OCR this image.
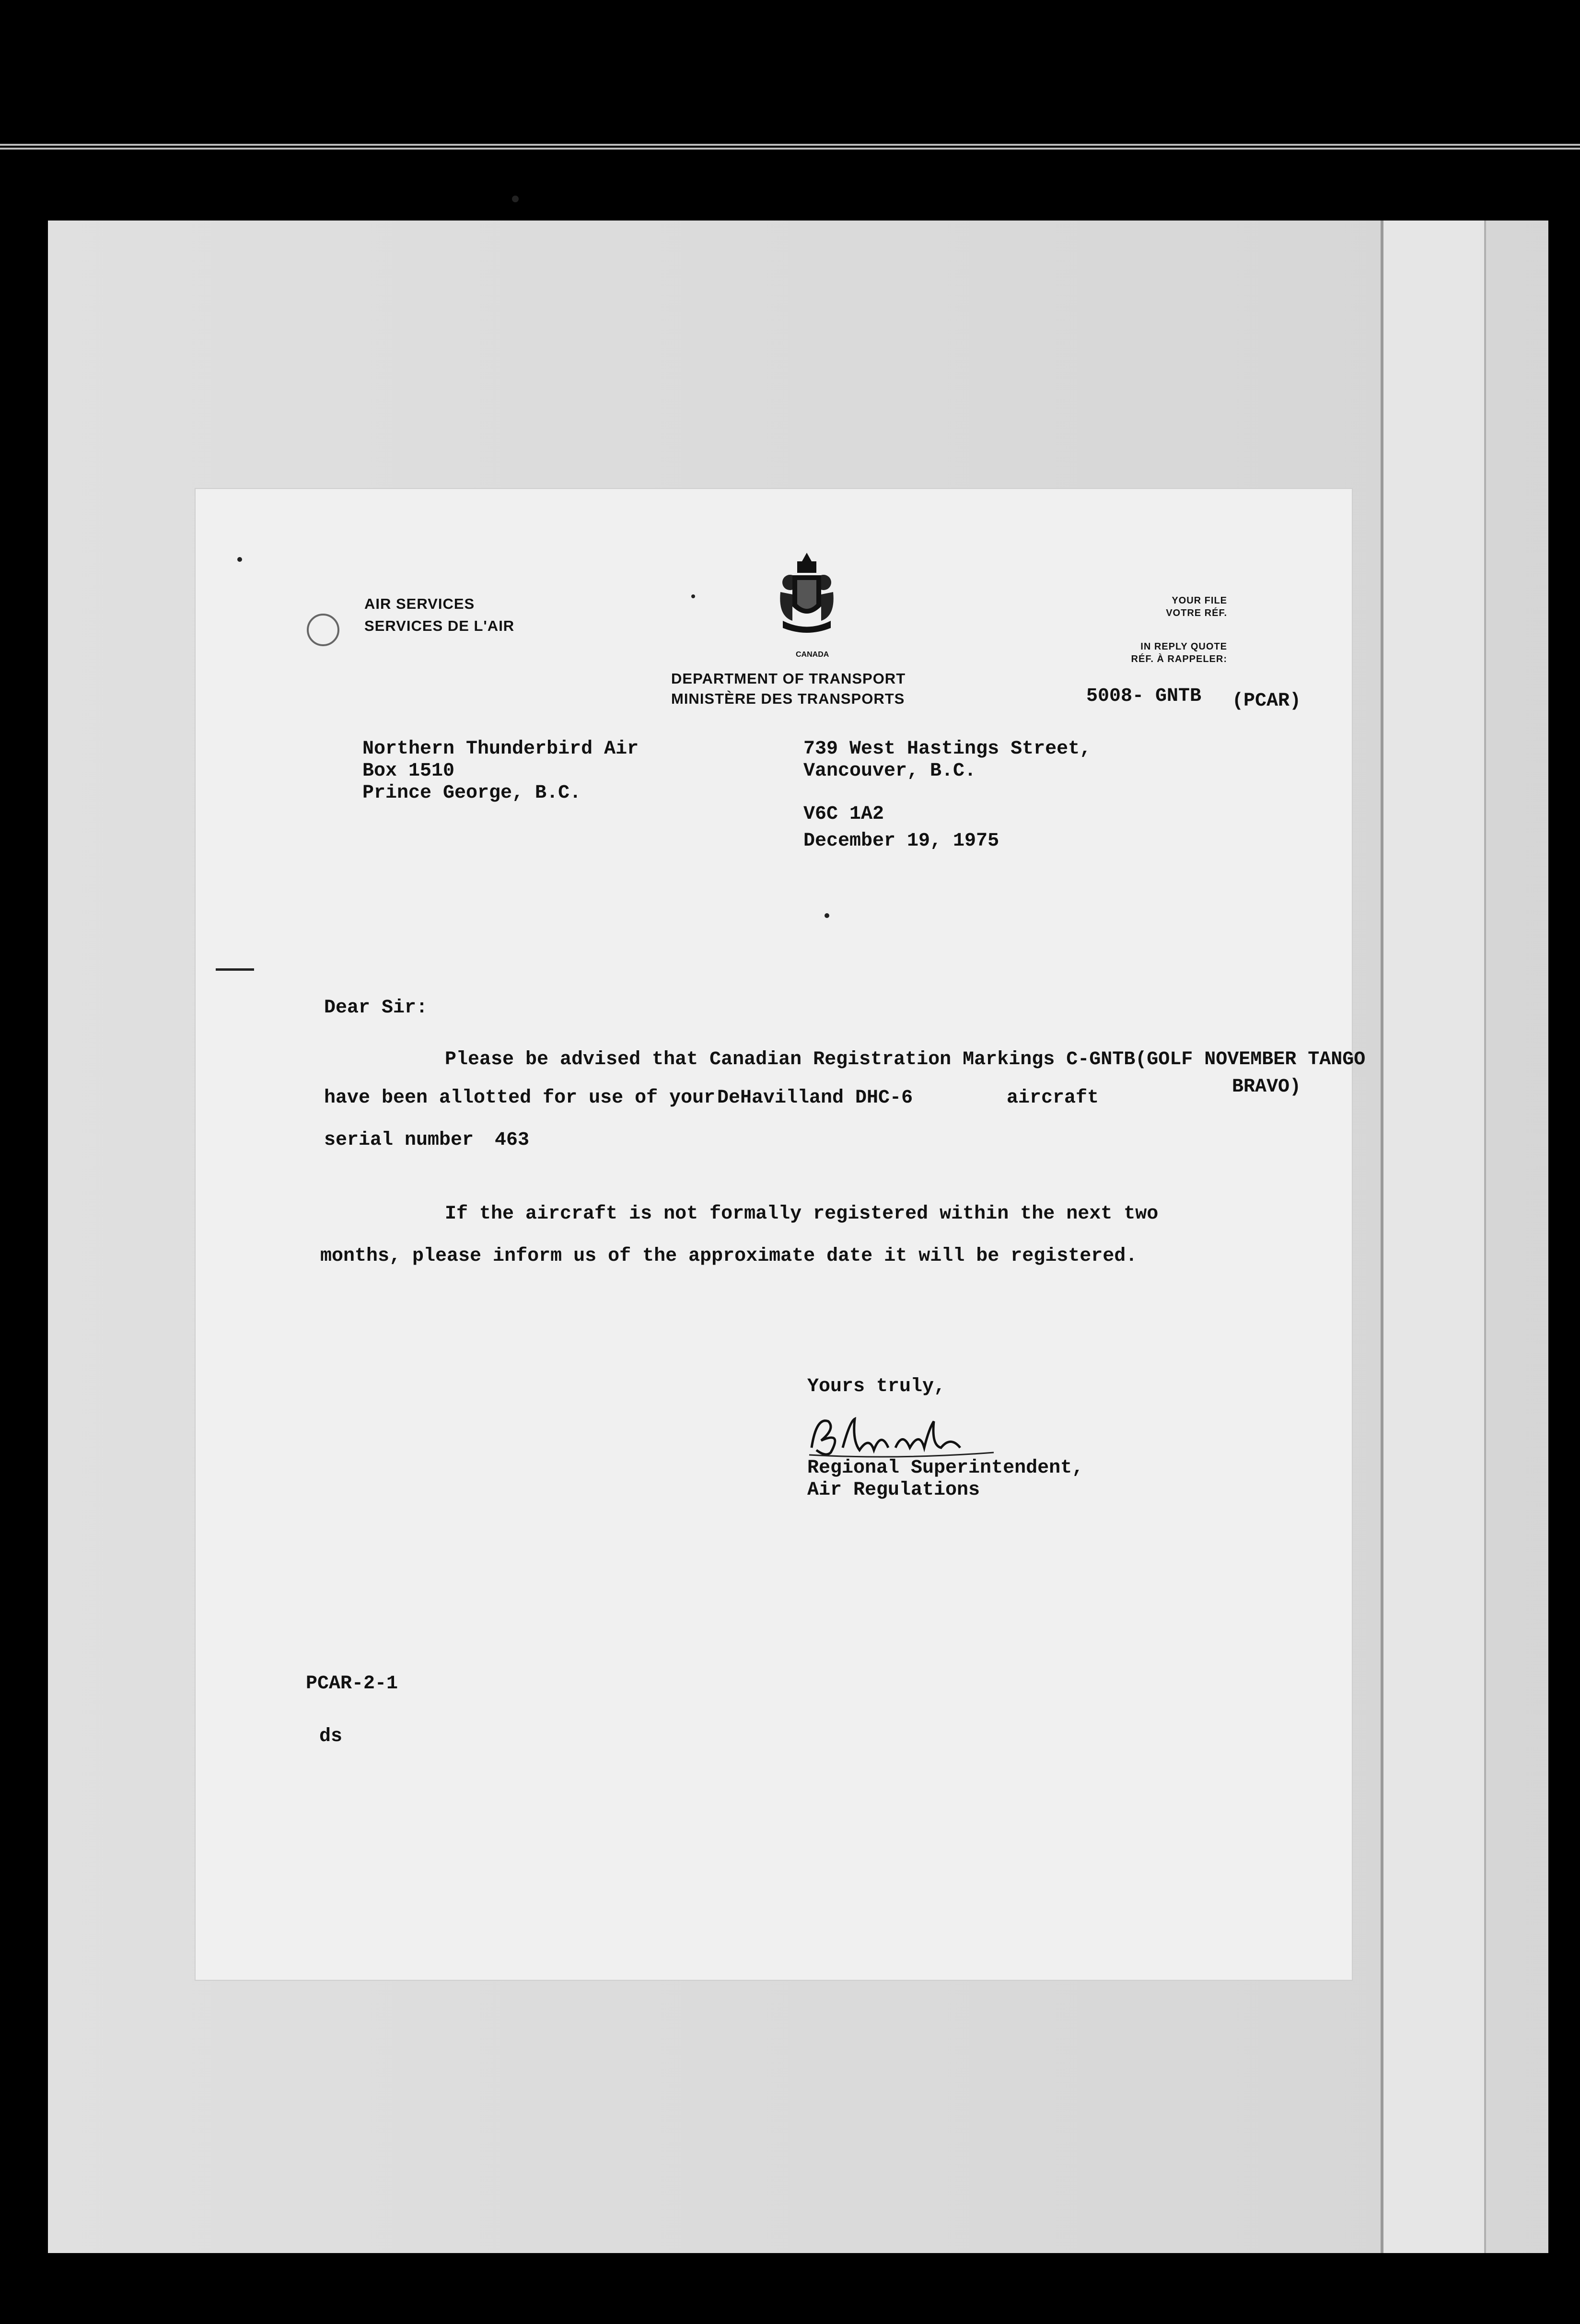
AIR SERVICES
SERVICES DE L'AIR
CANADA
DEPARTMENT OF TRANSPORT
MINISTÈRE DES TRANSPORTS
YOUR FILE
VOTRE RÉF.
IN REPLY QUOTE
RÉF. À RAPPELER:
5008- GNTB (PCAR)
Northern Thunderbird Air
Box 1510
Prince George, B.C.
739 West Hastings Street,
Vancouver, B.C.
V6C 1A2
December 19, 1975
Dear Sir:
Please be advised that Canadian Registration Markings C-GNTB(GOLF NOVEMBER TANGO
BRAVO)
have been allotted for use of your DeHavilland DHC-6	aircraft
serial number 463
If the aircraft is not formally registered within the next two
months, please inform us of the approximate date it will be registered.
Yours truly,
Regional Superintendent,
Air Regulations
PCAR-2-1
ds
